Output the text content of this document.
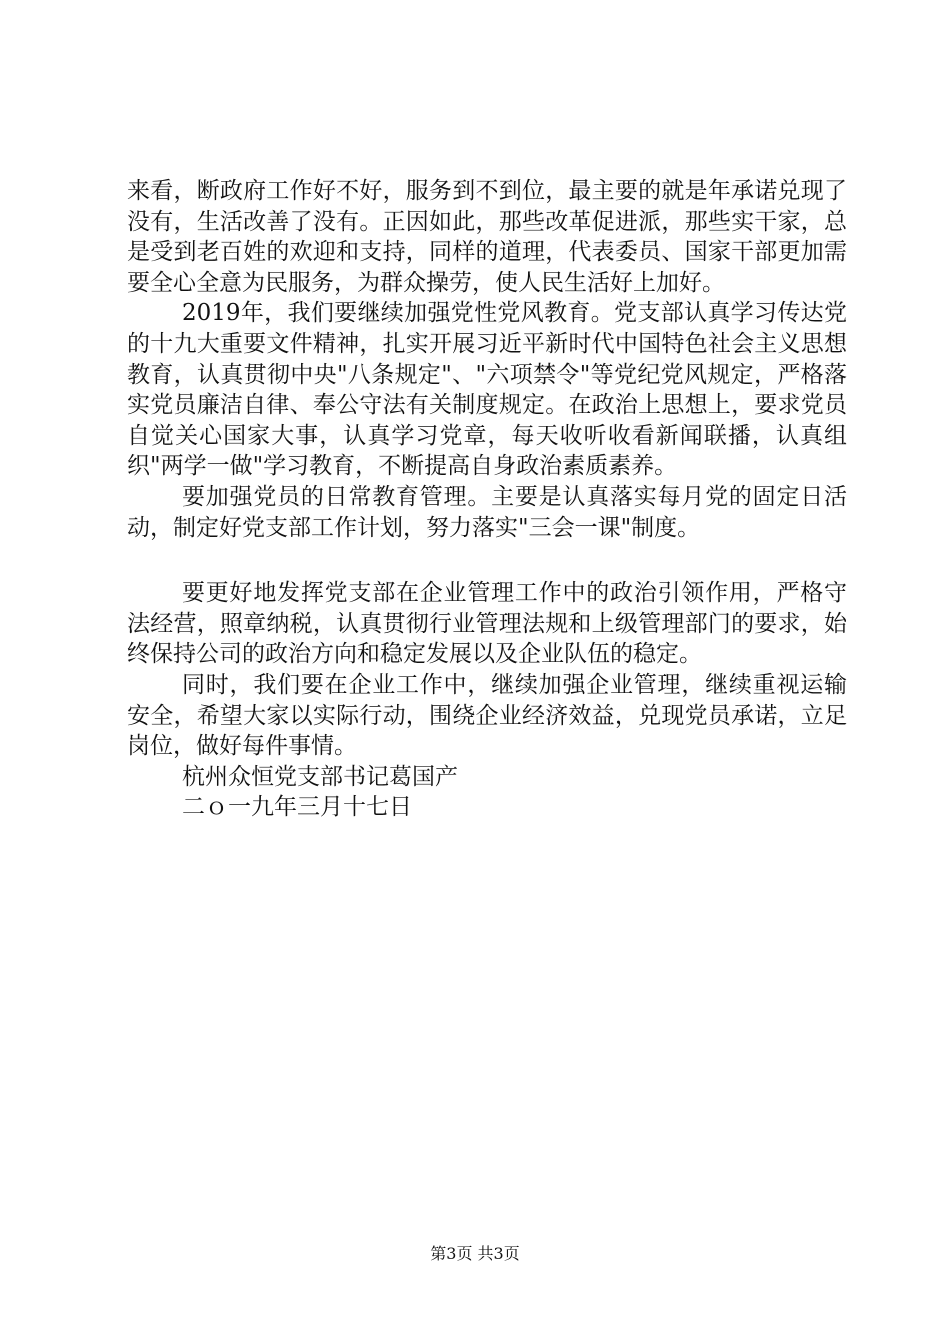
来看，断政府工作好不好，服务到不到位，最主要的就是年承诺兑现了没有，生活改善了没有。正因如此，那些改革促进派，那些实干家，总是受到老百姓的欢迎和支持，同样的道理，代表委员、国家干部更加需要全心全意为民服务，为群众操劳，使人民生活好上加好。

2019年，我们要继续加强党性党风教育。党支部认真学习传达党的十九大重要文件精神，扎实开展习近平新时代中国特色社会主义思想教育，认真贯彻中央"八条规定"、"六项禁令"等党纪党风规定，严格落实党员廉洁自律、奉公守法有关制度规定。在政治上思想上，要求党员自觉关心国家大事，认真学习党章，每天收听收看新闻联播，认真组织"两学一做"学习教育，不断提高自身政治素质素养。

要加强党员的日常教育管理。主要是认真落实每月党的固定日活动，制定好党支部工作计划，努力落实"三会一课"制度。

要更好地发挥党支部在企业管理工作中的政治引领作用，严格守法经营，照章纳税，认真贯彻行业管理法规和上级管理部门的要求，始终保持公司的政治方向和稳定发展以及企业队伍的稳定。

同时，我们要在企业工作中，继续加强企业管理，继续重视运输安全，希望大家以实际行动，围绕企业经济效益，兑现党员承诺，立足岗位，做好每件事情。

杭州众恒党支部书记葛国产

二ｏ一九年三月十七日

第3页 共3页
